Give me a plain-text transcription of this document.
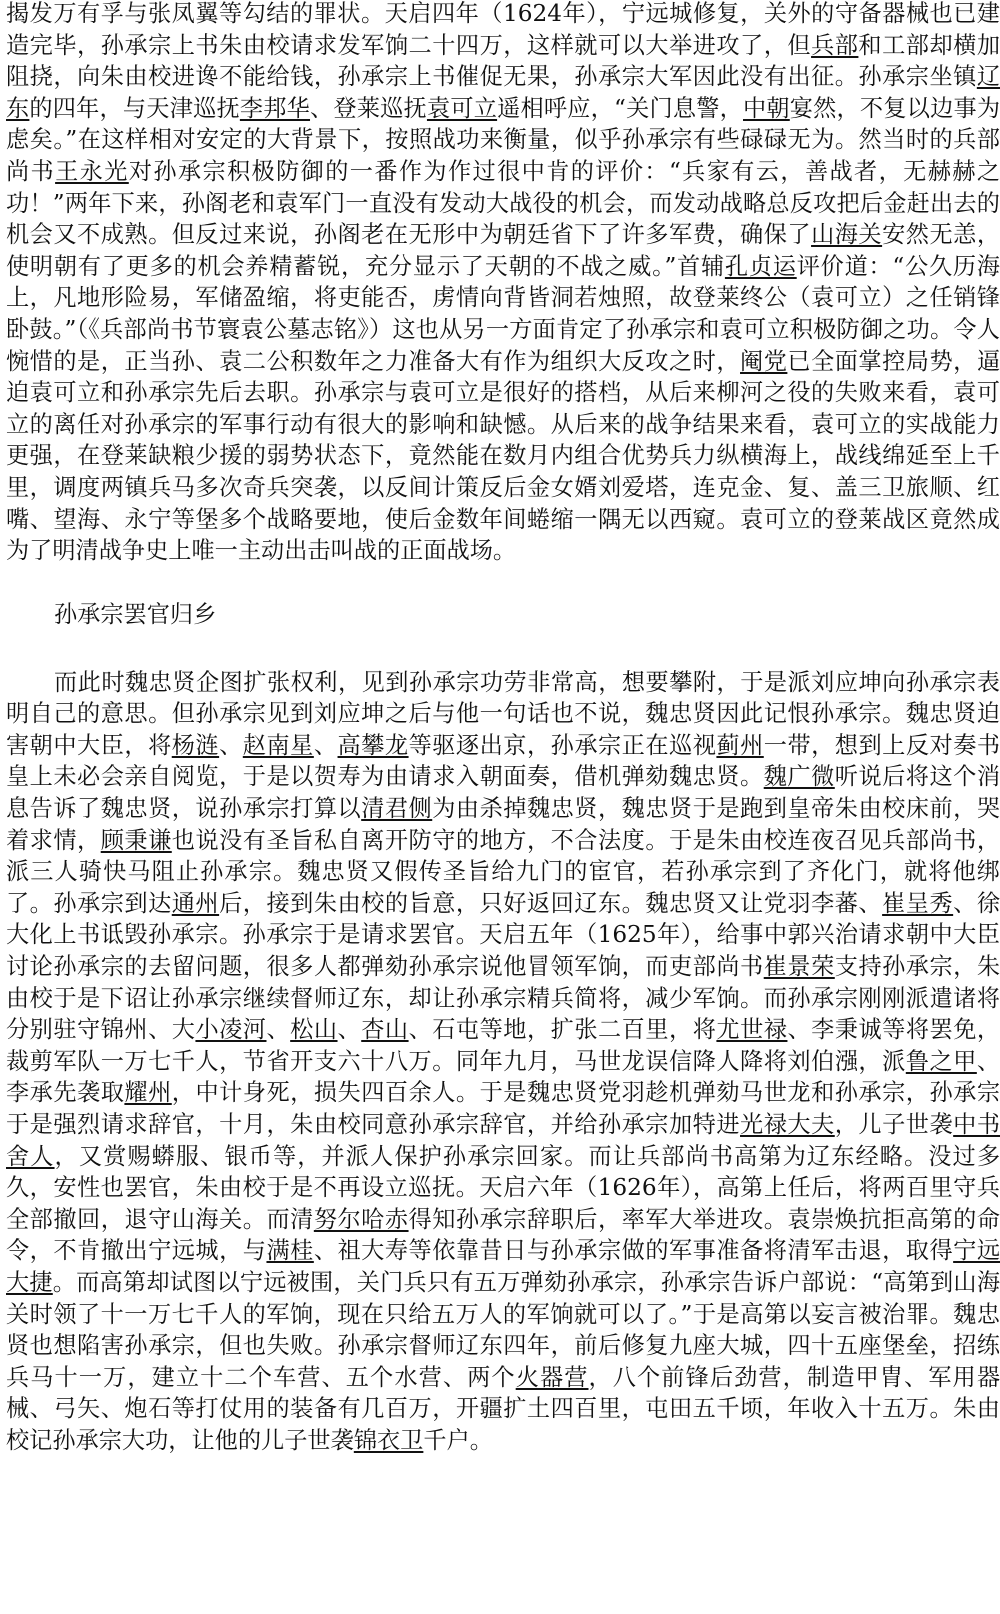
揭发万有孚与张凤翼等勾结的罪状。天启四年（1624年），宁远城修复，关外的守备器械也已建造完毕，孙承宗上书朱由校请求发军饷二十四万，这样就可以大举进攻了，但兵部和工部却横加阻挠，向朱由校进谗不能给钱，孙承宗上书催促无果，孙承宗大军因此没有出征。孙承宗坐镇辽东的四年，与天津巡抚李邦华、登莱巡抚袁可立遥相呼应，“关门息警，中朝宴然，不复以边事为虑矣。”在这样相对安定的大背景下，按照战功来衡量，似乎孙承宗有些碌碌无为。然当时的兵部尚书王永光对孙承宗积极防御的一番作为作过很中肯的评价：“兵家有云，善战者，无赫赫之功！”两年下来，孙阁老和袁军门一直没有发动大战役的机会，而发动战略总反攻把后金赶出去的机会又不成熟。但反过来说，孙阁老在无形中为朝廷省下了许多军费，确保了山海关安然无恙，使明朝有了更多的机会养精蓄锐，充分显示了天朝的不战之威。”首辅孔贞运评价道：“公久历海上，凡地形险易，军储盈缩，将吏能否，虏情向背皆洞若烛照，故登莱终公（袁可立）之任销锋卧鼓。”（《兵部尚书节寰袁公墓志铭》）这也从另一方面肯定了孙承宗和袁可立积极防御之功。令人惋惜的是，正当孙、袁二公积数年之力准备大有作为组织大反攻之时，阉党已全面掌控局势，逼迫袁可立和孙承宗先后去职。孙承宗与袁可立是很好的搭档，从后来柳河之役的失败来看，袁可立的离任对孙承宗的军事行动有很大的影响和缺憾。从后来的战争结果来看，袁可立的实战能力更强，在登莱缺粮少援的弱势状态下，竟然能在数月内组合优势兵力纵横海上，战线绵延至上千里，调度两镇兵马多次奇兵突袭，以反间计策反后金女婿刘爱塔，连克金、复、盖三卫旅顺、红嘴、望海、永宁等堡多个战略要地，使后金数年间蜷缩一隅无以西窥。袁可立的登莱战区竟然成为了明清战争史上唯一主动出击叫战的正面战场。

孙承宗罢官归乡

而此时魏忠贤企图扩张权利，见到孙承宗功劳非常高，想要攀附，于是派刘应坤向孙承宗表明自己的意思。但孙承宗见到刘应坤之后与他一句话也不说，魏忠贤因此记恨孙承宗。魏忠贤迫害朝中大臣，将杨涟、赵南星、高攀龙等驱逐出京，孙承宗正在巡视蓟州一带，想到上反对奏书皇上未必会亲自阅览，于是以贺寿为由请求入朝面奏，借机弹劾魏忠贤。魏广微听说后将这个消息告诉了魏忠贤，说孙承宗打算以清君侧为由杀掉魏忠贤，魏忠贤于是跑到皇帝朱由校床前，哭着求情，顾秉谦也说没有圣旨私自离开防守的地方，不合法度。于是朱由校连夜召见兵部尚书，派三人骑快马阻止孙承宗。魏忠贤又假传圣旨给九门的宦官，若孙承宗到了齐化门，就将他绑了。孙承宗到达通州后，接到朱由校的旨意，只好返回辽东。魏忠贤又让党羽李蕃、崔呈秀、徐大化上书诋毁孙承宗。孙承宗于是请求罢官。天启五年（1625年），给事中郭兴治请求朝中大臣讨论孙承宗的去留问题，很多人都弹劾孙承宗说他冒领军饷，而吏部尚书崔景荣支持孙承宗，朱由校于是下诏让孙承宗继续督师辽东，却让孙承宗精兵简将，减少军饷。而孙承宗刚刚派遣诸将分别驻守锦州、大小凌河、松山、杏山、石屯等地，扩张二百里，将尤世禄、李秉诚等将罢免，裁剪军队一万七千人，节省开支六十八万。同年九月，马世龙误信降人降将刘伯漒，派鲁之甲、李承先袭取耀州，中计身死，损失四百余人。于是魏忠贤党羽趁机弹劾马世龙和孙承宗，孙承宗于是强烈请求辞官，十月，朱由校同意孙承宗辞官，并给孙承宗加特进光禄大夫，儿子世袭中书舍人，又赏赐蟒服、银币等，并派人保护孙承宗回家。而让兵部尚书高第为辽东经略。没过多久，安性也罢官，朱由校于是不再设立巡抚。天启六年（1626年），高第上任后，将两百里守兵全部撤回，退守山海关。而清努尔哈赤得知孙承宗辞职后，率军大举进攻。袁崇焕抗拒高第的命令，不肯撤出宁远城，与满桂、祖大寿等依靠昔日与孙承宗做的军事准备将清军击退，取得宁远大捷。而高第却试图以宁远被围，关门兵只有五万弹劾孙承宗，孙承宗告诉户部说：“高第到山海关时领了十一万七千人的军饷，现在只给五万人的军饷就可以了。”于是高第以妄言被治罪。魏忠贤也想陷害孙承宗，但也失败。孙承宗督师辽东四年，前后修复九座大城，四十五座堡垒，招练兵马十一万，建立十二个车营、五个水营、两个火器营，八个前锋后劲营，制造甲胄、军用器械、弓矢、炮石等打仗用的装备有几百万，开疆扩土四百里，屯田五千顷，年收入十五万。朱由校记孙承宗大功，让他的儿子世袭锦衣卫千户。
